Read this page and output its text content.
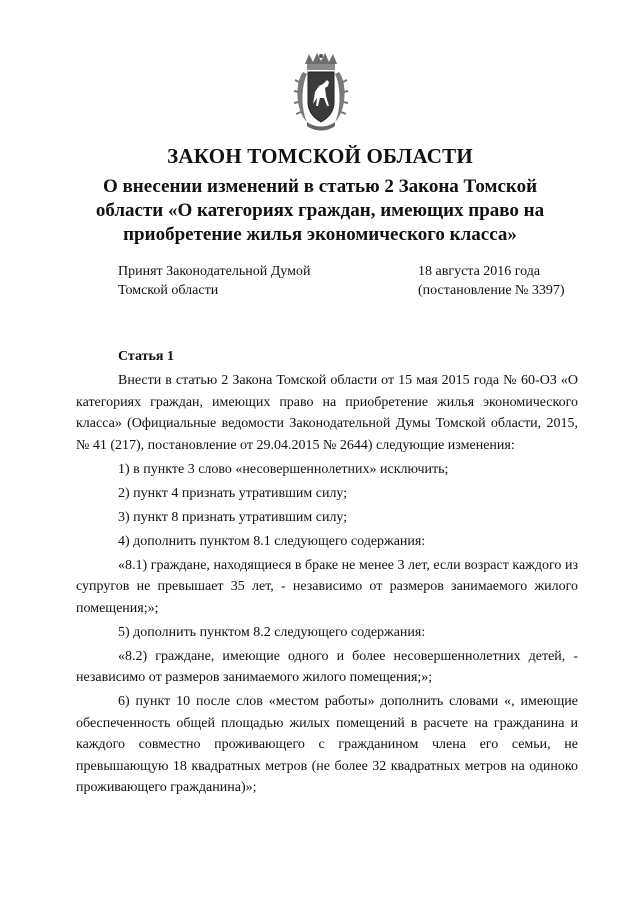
ЗАКОН ТОМСКОЙ ОБЛАСТИ
О внесении изменений в статью 2 Закона Томской
области «О категориях граждан, имеющих право на
приобретение жилья экономического класса»
Принят Законодательной Думой
Томской области
18 августа 2016 года
(постановление № 3397)
Статья 1

Внести в статью 2 Закона Томской области от 15 мая 2015 года № 60-ОЗ «О категориях граждан, имеющих право на приобретение жилья экономического класса» (Официальные ведомости Законодательной Думы Томской области, 2015, № 41 (217), постановление от 29.04.2015 № 2644) следующие изменения:

1) в пункте 3 слово «несовершеннолетних» исключить;

2) пункт 4 признать утратившим силу;

3) пункт 8 признать утратившим силу;

4) дополнить пунктом 8.1 следующего содержания:

«8.1) граждане, находящиеся в браке не менее 3 лет, если возраст каждого из супругов не превышает 35 лет, - независимо от размеров занимаемого жилого помещения;»;

5) дополнить пунктом 8.2 следующего содержания:

«8.2) граждане, имеющие одного и более несовершеннолетних детей, - независимо от размеров занимаемого жилого помещения;»;

6) пункт 10 после слов «местом работы» дополнить словами «, имеющие обеспеченность общей площадью жилых помещений в расчете на гражданина и каждого совместно проживающего с гражданином члена его семьи, не превышающую 18 квадратных метров (не более 32 квадратных метров на одиноко проживающего гражданина)»;
